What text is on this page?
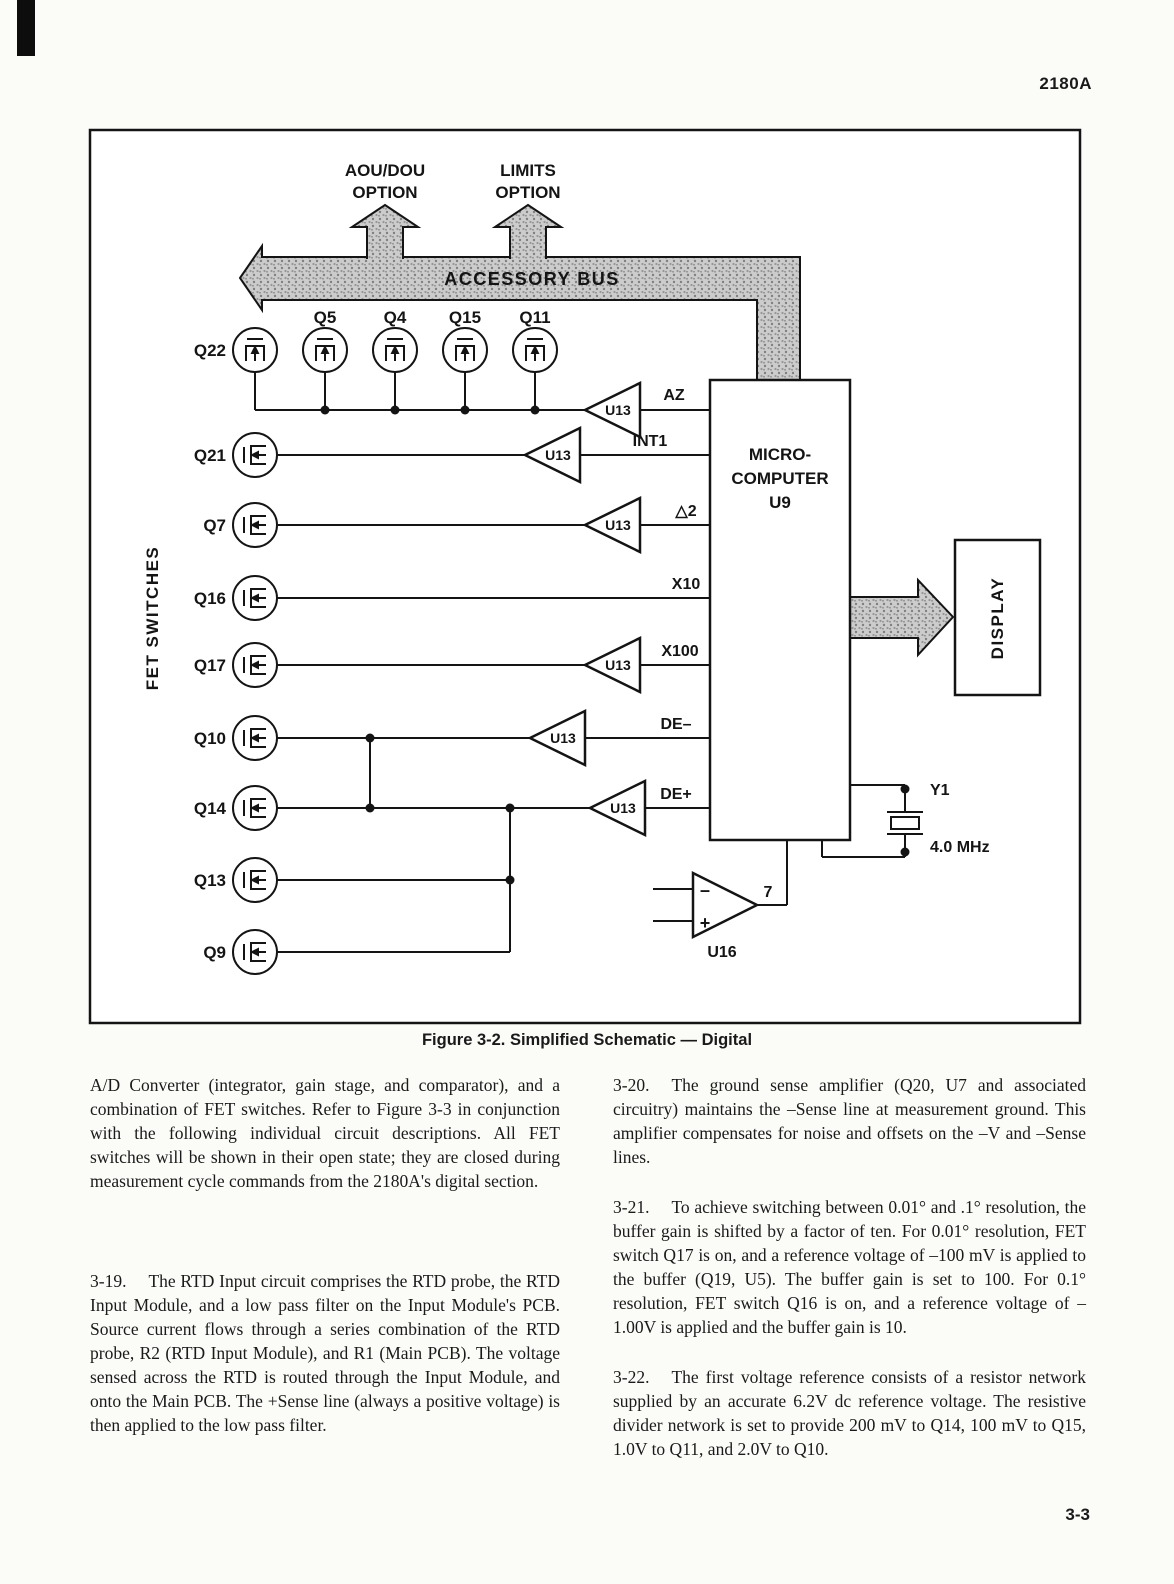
2180A
U13
U13
U13
U13
U13
U13
AZ
INT1
△2
X10
X100
DE–
DE+
–
+
7
U16
Y1
4.0 MHz
MICRO-
COMPUTER
U9
DISPLAY
Q5	Q4	Q15 Q11
Q22
Q21
Q7
Q16
Q17
Q10
Q14
Q13
Q9
AOU/DOU
OPTION
LIMITS
OPTION
ACCESSORY BUS
FET SWITCHES
Figure 3-2. Simplified Schematic — Digital

A/D Converter (integrator, gain stage, and comparator), and a combination of FET switches. Refer to Figure 3-3 in conjunction with the following individual circuit descriptions. All FET switches will be shown in their open state; they are closed during measurement cycle commands from the 2180A's digital section.

3-19. The RTD Input circuit comprises the RTD probe, the RTD Input Module, and a low pass filter on the Input Module's PCB. Source current flows through a series combination of the RTD probe, R2 (RTD Input Module), and R1 (Main PCB). The voltage sensed across the RTD is routed through the Input Module, and onto the Main PCB. The +Sense line (always a positive voltage) is then applied to the low pass filter.

3-20. The ground sense amplifier (Q20, U7 and associated circuitry) maintains the –Sense line at measurement ground. This amplifier compensates for noise and offsets on the –V and –Sense lines.

3-21. To achieve switching between 0.01° and .1° resolution, the buffer gain is shifted by a factor of ten. For 0.01° resolution, FET switch Q17 is on, and a reference voltage of –100 mV is applied to the buffer (Q19, U5). The buffer gain is set to 100. For 0.1° resolution, FET switch Q16 is on, and a reference voltage of –1.00V is applied and the buffer gain is 10.

3-22. The first voltage reference consists of a resistor network supplied by an accurate 6.2V dc reference voltage. The resistive divider network is set to provide 200 mV to Q14, 100 mV to Q15, 1.0V to Q11, and 2.0V to Q10.

3-3
